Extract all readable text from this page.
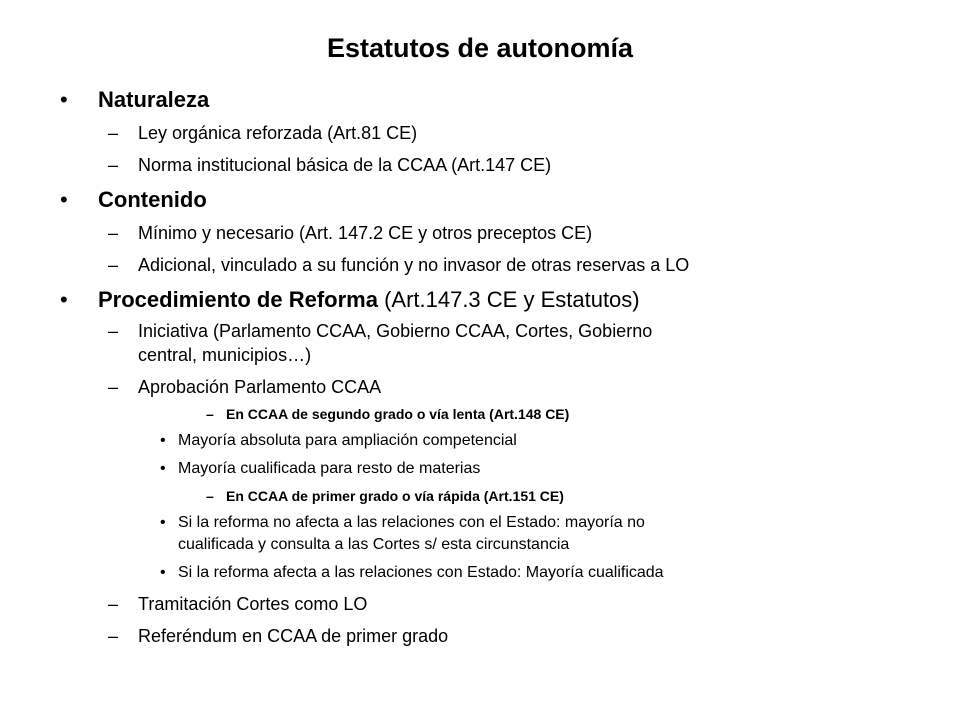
Estatutos de autonomía
• Naturaleza
– Ley orgánica reforzada (Art.81 CE)
– Norma institucional básica de la CCAA (Art.147 CE)
• Contenido
– Mínimo y necesario (Art. 147.2 CE y otros preceptos CE)
– Adicional, vinculado a su función y no invasor de otras reservas a LO
• Procedimiento de Reforma (Art.147.3 CE y Estatutos)
– Iniciativa (Parlamento CCAA, Gobierno CCAA, Cortes, Gobierno
central, municipios…)
– Aprobación Parlamento CCAA
– En CCAA de segundo grado o vía lenta (Art.148 CE)
• Mayoría absoluta para ampliación competencial
• Mayoría cualificada para resto de materias
– En CCAA de primer grado o vía rápida (Art.151 CE)
• Si la reforma no afecta a las relaciones con el Estado: mayoría no
cualificada y consulta a las Cortes s/ esta circunstancia
• Si la reforma afecta a las relaciones con Estado: Mayoría cualificada
– Tramitación Cortes como LO
– Referéndum en CCAA de primer grado
